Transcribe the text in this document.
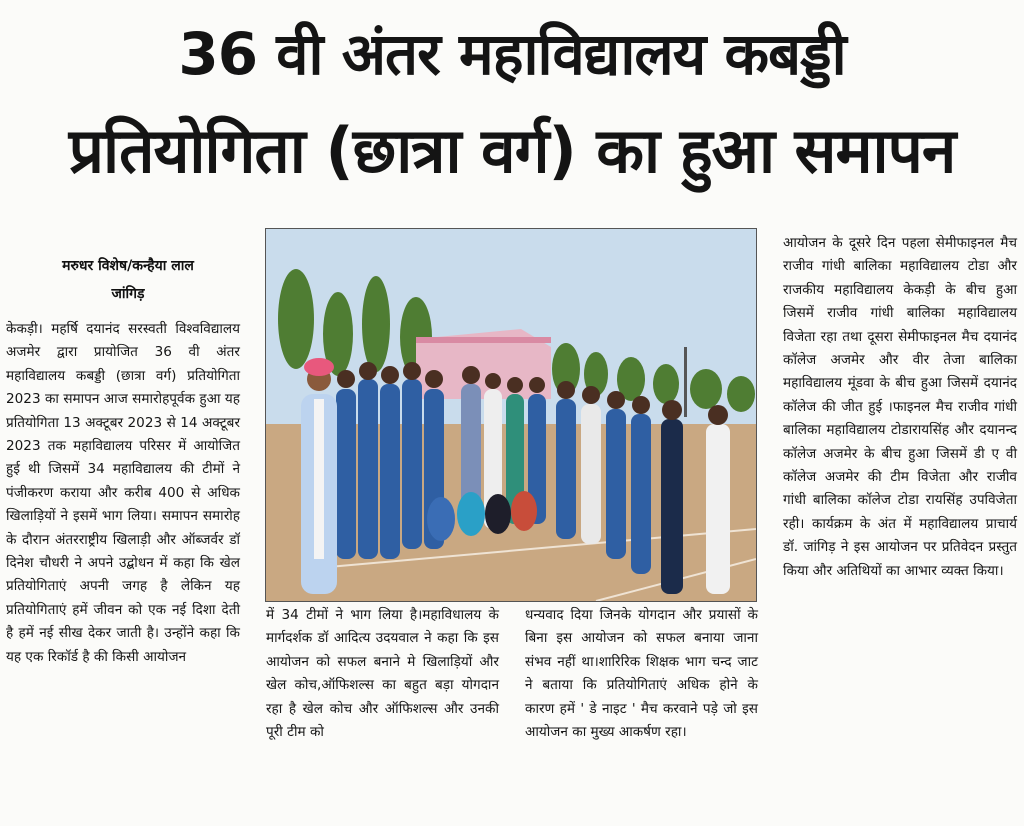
36 वी अंतर महाविद्यालय कबड्डी
प्रतियोगिता (छात्रा वर्ग) का हुआ समापन
मरुधर विशेष/कन्हैया लाल
जांगिड़
केकड़ी। महर्षि दयानंद सरस्वती विश्वविद्यालय अजमेर द्वारा प्रायोजित 36 वी अंतर महाविद्यालय कबड्डी (छात्रा वर्ग) प्रतियोगिता 2023 का समापन आज समारोहपूर्वक हुआ यह प्रतियोगिता 13 अक्टूबर 2023 से 14 अक्टूबर 2023 तक महाविद्यालय परिसर में आयोजित हुई थी जिसमें 34 महाविद्यालय की टीमों ने पंजीकरण कराया और करीब 400 से अधिक खिलाड़ियों ने इसमें भाग लिया। समापन समारोह के दौरान अंतरराष्ट्रीय खिलाड़ी और ऑब्जर्वर डॉ दिनेश चौधरी ने अपने उद्बोधन में कहा कि खेल प्रतियोगिताएं अपनी जगह है लेकिन यह प्रतियोगिताएं हमें जीवन को एक नई दिशा देती है हमें नई सीख देकर जाती है। उन्होंने कहा कि यह एक रिकॉर्ड है की किसी आयोजन
में 34 टीमों ने भाग लिया है।महाविधालय के मार्गदर्शक डॉ आदित्य उदयवाल ने कहा कि इस आयोजन को सफल बनाने मे खिलाड़ियों और खेल कोच,ऑफिशल्स का बहुत बड़ा योगदान रहा है खेल कोच और ऑफिशल्स और उनकी पूरी टीम को
धन्यवाद दिया जिनके योगदान और प्रयासों के बिना इस आयोजन को सफल बनाया जाना संभव नहीं था।शारिरिक शिक्षक भाग चन्द जाट ने बताया कि प्रतियोगिताएं अधिक होने के कारण हमें ' डे नाइट ' मैच करवाने पड़े जो इस आयोजन का मुख्य आकर्षण रहा।
आयोजन के दूसरे दिन पहला सेमीफाइनल मैच राजीव गांधी बालिका महाविद्यालय टोडा और राजकीय महाविद्यालय केकड़ी के बीच हुआ जिसमें राजीव गांधी बालिका महाविद्यालय विजेता रहा तथा दूसरा सेमीफाइनल मैच दयानंद कॉलेज अजमेर और वीर तेजा बालिका महाविद्यालय मूंडवा के बीच हुआ जिसमें दयानंद कॉलेज की जीत हुई ।फाइनल मैच राजीव गांधी बालिका महाविद्यालय टोडारायसिंह और दयानन्द कॉलेज अजमेर के बीच हुआ जिसमें डी ए वी कॉलेज अजमेर की टीम विजेता और राजीव गांधी बालिका कॉलेज टोडा रायसिंह उपविजेता रही। कार्यक्रम के अंत में महाविद्यालय प्राचार्य डॉ. जांगिड़ ने इस आयोजन पर प्रतिवेदन प्रस्तुत किया और अतिथियों का आभार व्यक्त किया।
